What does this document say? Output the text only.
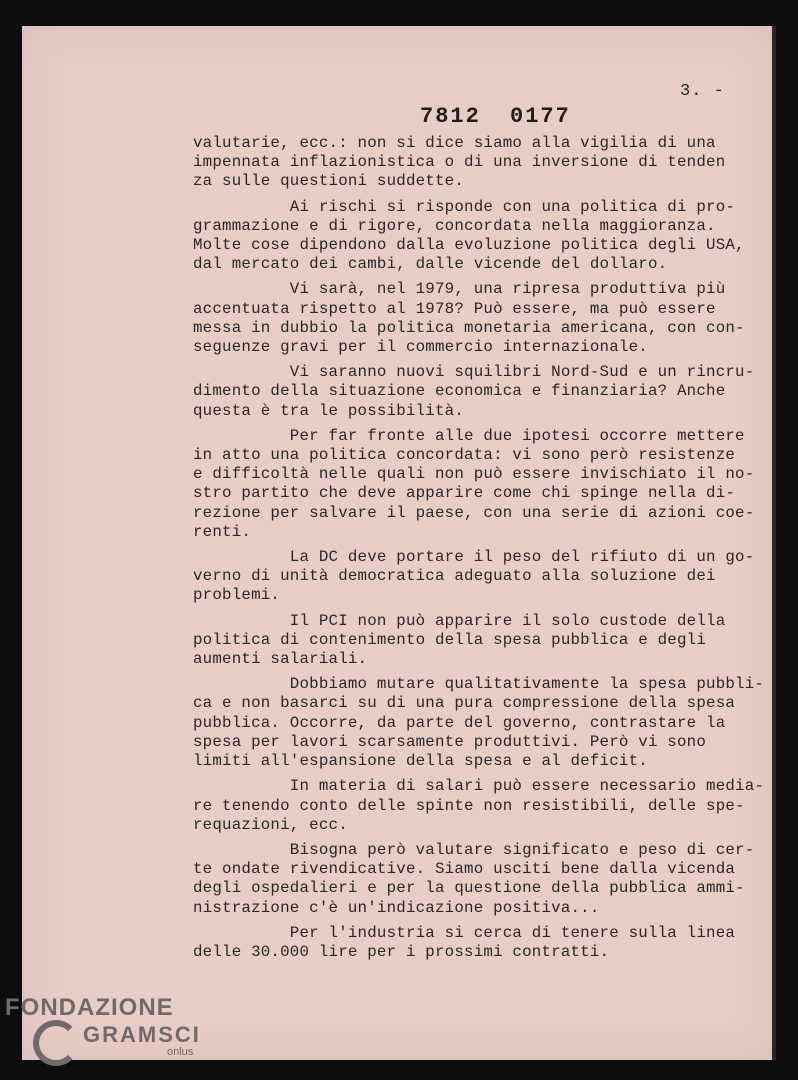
3. -
7812 0177
valutarie, ecc.: non si dice siamo alla vigilia di una
impennata inflazionistica o di una inversione di tenden
za sulle questioni suddette.
Ai rischi si risponde con una politica di pro-
grammazione e di rigore, concordata nella maggioranza.
Molte cose dipendono dalla evoluzione politica degli USA,
dal mercato dei cambi, dalle vicende del dollaro.
Vi sarà, nel 1979, una ripresa produttiva più
accentuata rispetto al 1978? Può essere, ma può essere
messa in dubbio la politica monetaria americana, con con-
seguenze gravi per il commercio internazionale.
Vi saranno nuovi squilibri Nord-Sud e un rincru-
dimento della situazione economica e finanziaria? Anche
questa è tra le possibilità.
Per far fronte alle due ipotesi occorre mettere
in atto una politica concordata: vi sono però resistenze
e difficoltà nelle quali non può essere invischiato il no-
stro partito che deve apparire come chi spinge nella di-
rezione per salvare il paese, con una serie di azioni coe-
renti.
La DC deve portare il peso del rifiuto di un go-
verno di unità democratica adeguato alla soluzione dei
problemi.
Il PCI non può apparire il solo custode della
politica di contenimento della spesa pubblica e degli
aumenti salariali.
Dobbiamo mutare qualitativamente la spesa pubbli-
ca e non basarci su di una pura compressione della spesa
pubblica. Occorre, da parte del governo, contrastare la
spesa per lavori scarsamente produttivi. Però vi sono
limiti all'espansione della spesa e al deficit.
In materia di salari può essere necessario media-
re tenendo conto delle spinte non resistibili, delle spe-
requazioni, ecc.
Bisogna però valutare significato e peso di cer-
te ondate rivendicative. Siamo usciti bene dalla vicenda
degli ospedalieri e per la questione della pubblica ammi-
nistrazione c'è un'indicazione positiva...
Per l'industria si cerca di tenere sulla linea
delle 30.000 lire per i prossimi contratti.
FONDAZIONE
GRAMSCI
onlus
